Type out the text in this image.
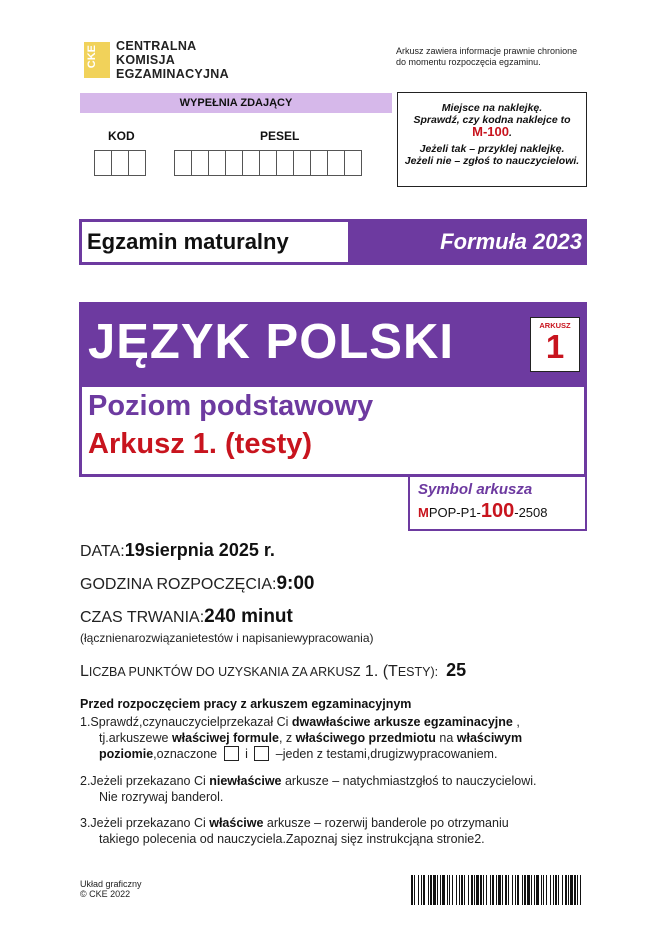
CKE CENTRALNA
KOMISJA
EGZAMINACYJNA
Arkusz zawiera informacje prawnie chronione
do momentu rozpoczęcia egzaminu.
WYPEŁNIA ZDAJĄCY
KOD	PESEL
Miejsce na naklejkę.
Sprawdź, czy kodna naklejce to
M-100.
Jeżeli tak – przyklej naklejkę.
Jeżeli nie – zgłoś to nauczycielowi.
Egzamin maturalny	Formuła 2023
JĘZYK POLSKI	ARKUSZ
1
Poziom podstawowy
Arkusz 1. (testy)
Symbol arkusza
MPOP-P1-100-2508
DATA:19sierpnia 2025 r.
GODZINA ROZPOCZĘCIA:9:00
CZAS TRWANIA:240 minut
(łącznienarozwiązanietestów i napisaniewypracowania)
LICZBA PUNKTÓW DO UZYSKANIA ZA ARKUSZ 1. (TESTY): 25
Przed rozpoczęciem pracy z arkuszem egzaminacyjnym
1.Sprawdź,czynauczycielprzekazał Ci dwawłaściwe arkusze egzaminacyjne ,
tj.arkuszewe właściwej formule, z właściwego przedmiotu na właściwym
poziomie,oznaczone  i  –jeden z testami,drugizwypracowaniem.
2.Jeżeli przekazano Ci niewłaściwe arkusze – natychmiastzgłoś to nauczycielowi.
Nie rozrywaj banderol.
3.Jeżeli przekazano Ci właściwe arkusze – rozerwij banderole po otrzymaniu
takiego polecenia od nauczyciela.Zapoznaj sięz instrukcjąna stronie2.
Układ graficzny
© CKE 2022
